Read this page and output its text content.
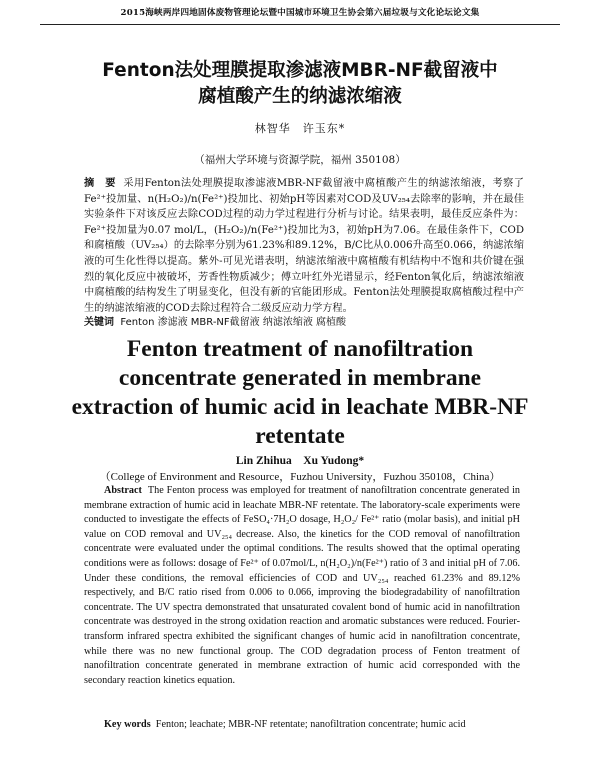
2015海峡两岸四地固体废物管理论坛暨中国城市环境卫生协会第六届垃圾与文化论坛论文集
Fenton法处理膜提取渗滤液MBR-NF截留液中
腐植酸产生的纳滤浓缩液
林智华　许玉东*
（福州大学环境与资源学院，福州 350108）
摘　要 采用Fenton法处理膜提取渗滤液MBR-NF截留液中腐植酸产生的纳滤浓缩液，考察了Fe²⁺投加量、n(H₂O₂)/n(Fe²⁺)投加比、初始pH等因素对COD及UV₂₅₄去除率的影响，并在最佳实验条件下对该反应去除COD过程的动力学过程进行分析与讨论。结果表明，最佳反应条件为：Fe²⁺投加量为0.07 mol/L，(H₂O₂)/n(Fe²⁺)投加比为3，初始pH为7.06。在最佳条件下，COD和腐植酸（UV₂₅₄）的去除率分别为61.23%和89.12%，B/C比从0.006升高至0.066，纳滤浓缩液的可生化性得以提高。紫外-可见光谱表明，纳滤浓缩液中腐植酸有机结构中不饱和共价键在强烈的氧化反应中被破坏，芳香性物质减少；傅立叶红外光谱显示，经Fenton氧化后，纳滤浓缩液中腐植酸的结构发生了明显变化，但没有新的官能团形成。Fenton法处理膜提取腐植酸过程中产生的纳滤浓缩液的COD去除过程符合二级反应动力学方程。
关键词 Fenton 渗滤液 MBR-NF截留液 纳滤浓缩液 腐植酸
Fenton treatment of nanofiltration
concentrate generated in membrane
extraction of humic acid in leachate MBR-NF
retentate
Lin Zhihua　Xu Yudong*
（College of Environment and Resource，Fuzhou University，Fuzhou 350108，China）
Abstract The Fenton process was employed for treatment of nanofiltration concentrate generated in membrane extraction of humic acid in leachate MBR-NF retentate. The laboratory-scale experiments were conducted to investigate the effects of FeSO₄·7H₂O dosage, H₂O₂/ Fe²⁺ ratio (molar basis), and initial pH value on COD removal and UV₂₅₄ decrease. Also, the kinetics for the COD removal of nanofiltration concentrate were evaluated under the optimal conditions. The results showed that the optimal operating conditions were as follows: dosage of Fe²⁺ of 0.07mol/L, n(H₂O₂)/n(Fe²⁺) ratio of 3 and initial pH of 7.06. Under these conditions, the removal efficiencies of COD and UV₂₅₄ reached 61.23% and 89.12% respectively, and B/C ratio rised from 0.006 to 0.066, improving the biodegradability of nanofiltration concentrate. The UV spectra demonstrated that unsaturated covalent bond of humic acid in nanofiltration concentrate was destroyed in the strong oxidation reaction and aromatic substances were reduced. Fourier-transform infrared spectra exhibited the significant changes of humic acid in nanofiltration concentrate, while there was no new functional group. The COD degradation process of Fenton treatment of nanofiltration concentrate generated in membrane extraction of humic acid corresponded with the secondary reaction kinetics equation.
Key words Fenton; leachate; MBR-NF retentate; nanofiltration concentrate; humic acid
